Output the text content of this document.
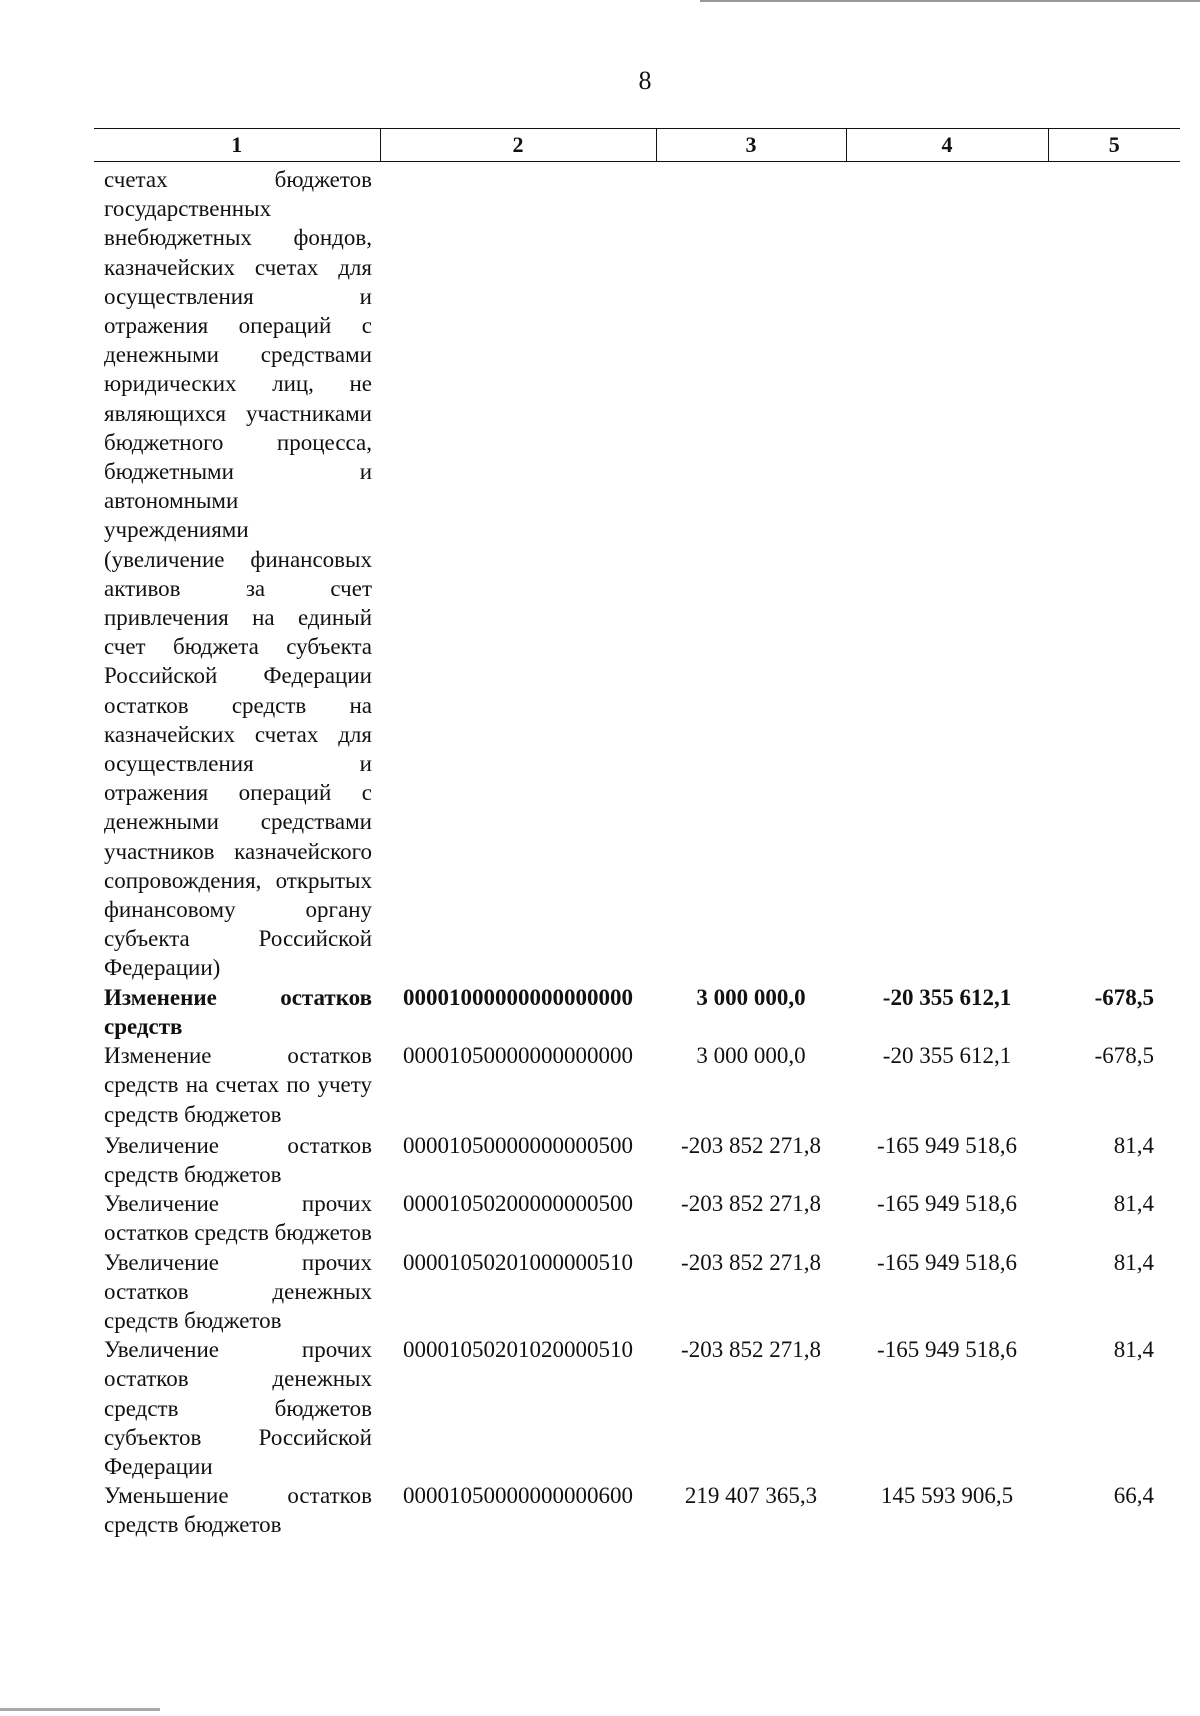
8
1	2	3	4	5
счетах бюджетов государственных внебюджетных фондов, казначейских счетах для осуществления и отражения операций с денежными средствами юридических лиц, не являющихся участниками бюджетного процесса, бюджетными и автономными учреждениями (увеличение финансовых активов за счет привлечения на единый счет бюджета субъекта Российской Федерации остатков средств на казначейских счетах для осуществления и отражения операций с денежными средствами участников казначейского сопровождения, открытых финансовому органу субъекта Российской Федерации)				
Изменение остатков средств	00001000000000000000	3 000 000,0	-20 355 612,1	-678,5
Изменение остатков средств на счетах по учету средств бюджетов	00001050000000000000	3 000 000,0	-20 355 612,1	-678,5
Увеличение остатков средств бюджетов	00001050000000000500	-203 852 271,8	-165 949 518,6	81,4
Увеличение прочих остатков средств бюджетов	00001050200000000500	-203 852 271,8	-165 949 518,6	81,4
Увеличение прочих остатков денежных средств бюджетов	00001050201000000510	-203 852 271,8	-165 949 518,6	81,4
Увеличение прочих остатков денежных средств бюджетов субъектов Российской Федерации	00001050201020000510	-203 852 271,8	-165 949 518,6	81,4
Уменьшение остатков средств бюджетов	00001050000000000600	219 407 365,3	145 593 906,5	66,4
